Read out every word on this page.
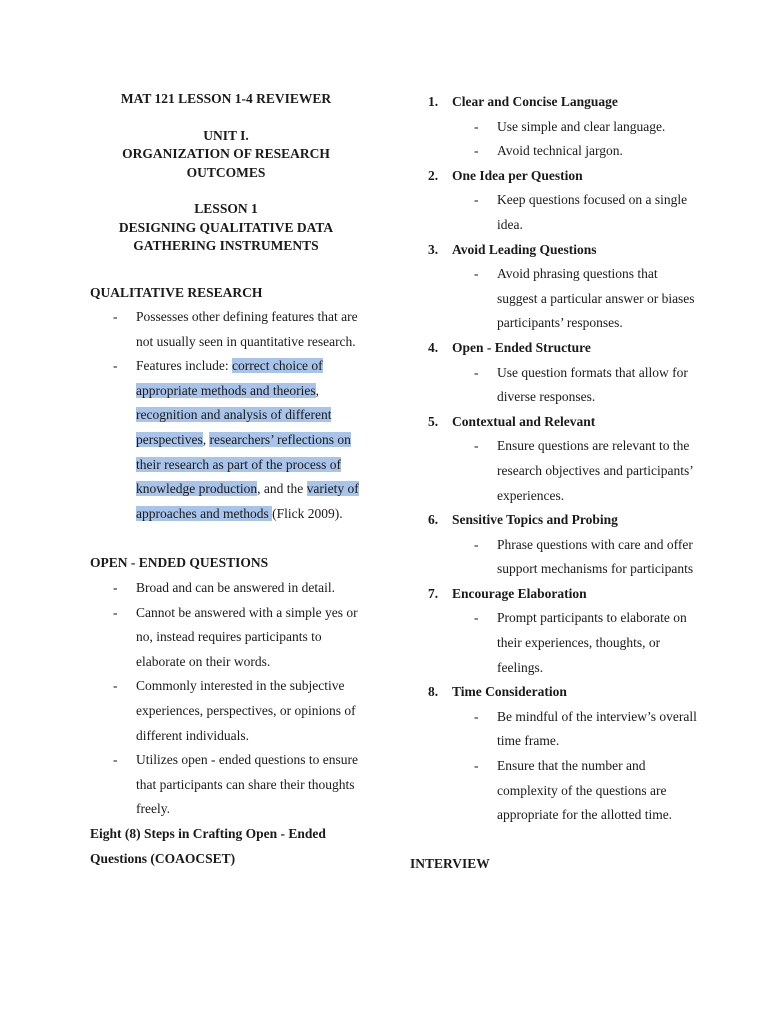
MAT 121 LESSON 1-4 REVIEWER
UNIT I.
ORGANIZATION OF RESEARCH OUTCOMES
LESSON 1
DESIGNING QUALITATIVE DATA GATHERING INSTRUMENTS
QUALITATIVE RESEARCH
- Possesses other defining features that are not usually seen in quantitative research.
- Features include: correct choice of appropriate methods and theories, recognition and analysis of different perspectives, researchers’ reflections on their research as part of the process of knowledge production, and the variety of approaches and methods (Flick 2009).
OPEN - ENDED QUESTIONS
- Broad and can be answered in detail.
- Cannot be answered with a simple yes or no, instead requires participants to elaborate on their words.
- Commonly interested in the subjective experiences, perspectives, or opinions of different individuals.
- Utilizes open - ended questions to ensure that participants can share their thoughts freely.
Eight (8) Steps in Crafting Open - Ended Questions (COAOCSET)
1. Clear and Concise Language
- Use simple and clear language.
- Avoid technical jargon.
2. One Idea per Question
- Keep questions focused on a single idea.
3. Avoid Leading Questions
- Avoid phrasing questions that suggest a particular answer or biases participants’ responses.
4. Open - Ended Structure
- Use question formats that allow for diverse responses.
5. Contextual and Relevant
- Ensure questions are relevant to the research objectives and participants’ experiences.
6. Sensitive Topics and Probing
- Phrase questions with care and offer support mechanisms for participants
7. Encourage Elaboration
- Prompt participants to elaborate on their experiences, thoughts, or feelings.
8. Time Consideration
- Be mindful of the interview’s overall time frame.
- Ensure that the number and complexity of the questions are appropriate for the allotted time.
INTERVIEW
